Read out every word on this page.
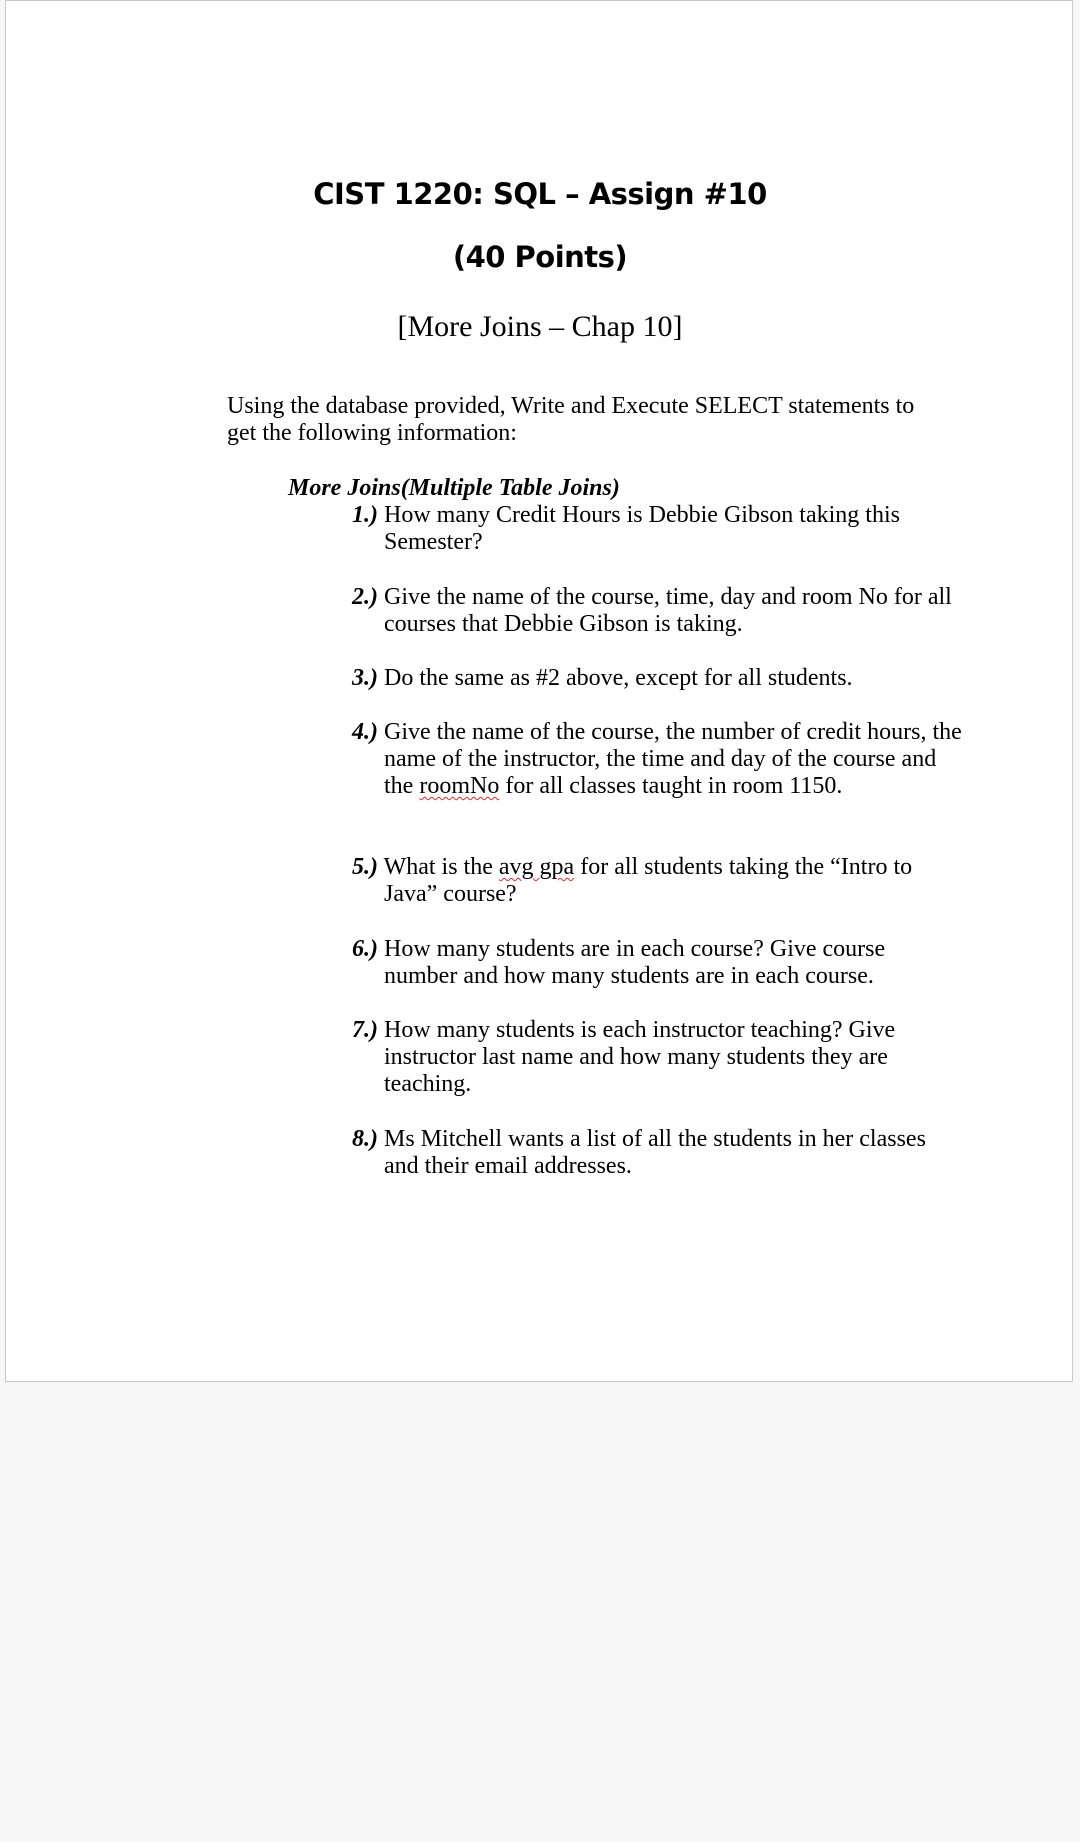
CIST 1220: SQL – Assign #10
(40 Points)
[More Joins – Chap 10]
Using the database provided, Write and Execute SELECT statements to get the following information:
More Joins(Multiple Table Joins)
1.) How many Credit Hours is Debbie Gibson taking this Semester?
2.) Give the name of the course, time, day and room No for all courses that Debbie Gibson is taking.
3.) Do the same as #2 above, except for all students.
4.) Give the name of the course, the number of credit hours, the name of the instructor, the time and day of the course and the roomNo for all classes taught in room 1150.
5.) What is the avg gpa for all students taking the “Intro to Java” course?
6.) How many students are in each course? Give course number and how many students are in each course.
7.) How many students is each instructor teaching? Give instructor last name and how many students they are teaching.
8.) Ms Mitchell wants a list of all the students in her classes and their email addresses.
